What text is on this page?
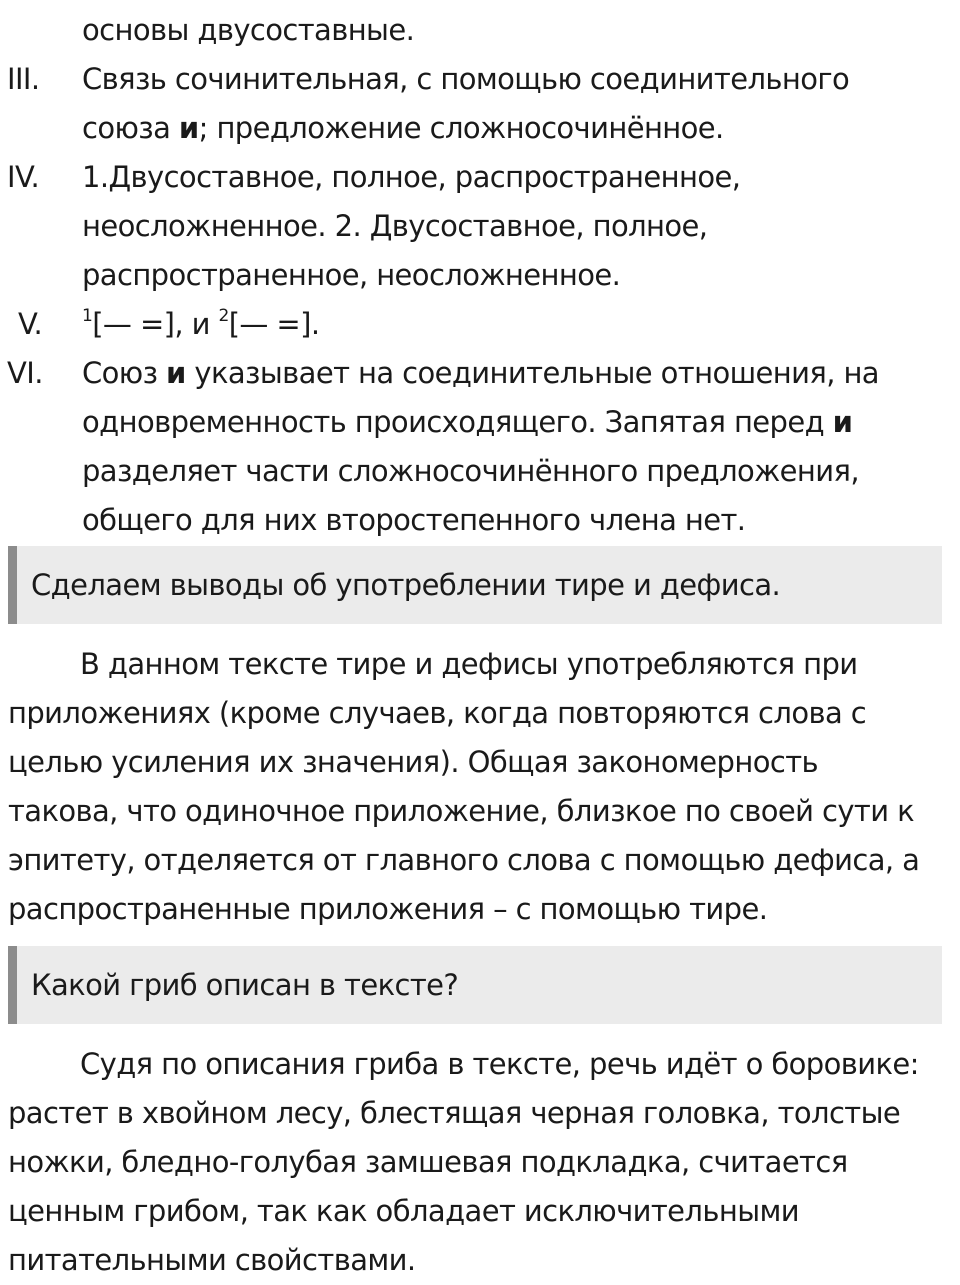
основы двусоставные.
III. Связь сочинительная, с помощью соединительного
союза и; предложение сложносочинённое.
IV. 1.Двусоставное, полное, распространенное,
неосложненное. 2. Двусоставное, полное,
распространенное, неосложненное.
V. $^1$[— =], и $^2$[— =].
VI. Союз и указывает на соединительные отношения, на
одновременность происходящего. Запятая перед и
разделяет части сложносочинённого предложения,
общего для них второстепенного члена нет.
Сделаем выводы об употреблении тире и дефиса.
В данном тексте тире и дефисы употребляются при
приложениях (кроме случаев, когда повторяются слова с
целью усиления их значения). Общая закономерность
такова, что одиночное приложение, близкое по своей сути к
эпитету, отделяется от главного слова с помощью дефиса, а
распространенные приложения – с помощью тире.
Какой гриб описан в тексте?
Судя по описания гриба в тексте, речь идёт о боровике:
растет в хвойном лесу, блестящая черная головка, толстые
ножки, бледно-голубая замшевая подкладка, считается
ценным грибом, так как обладает исключительными
питательными свойствами.
